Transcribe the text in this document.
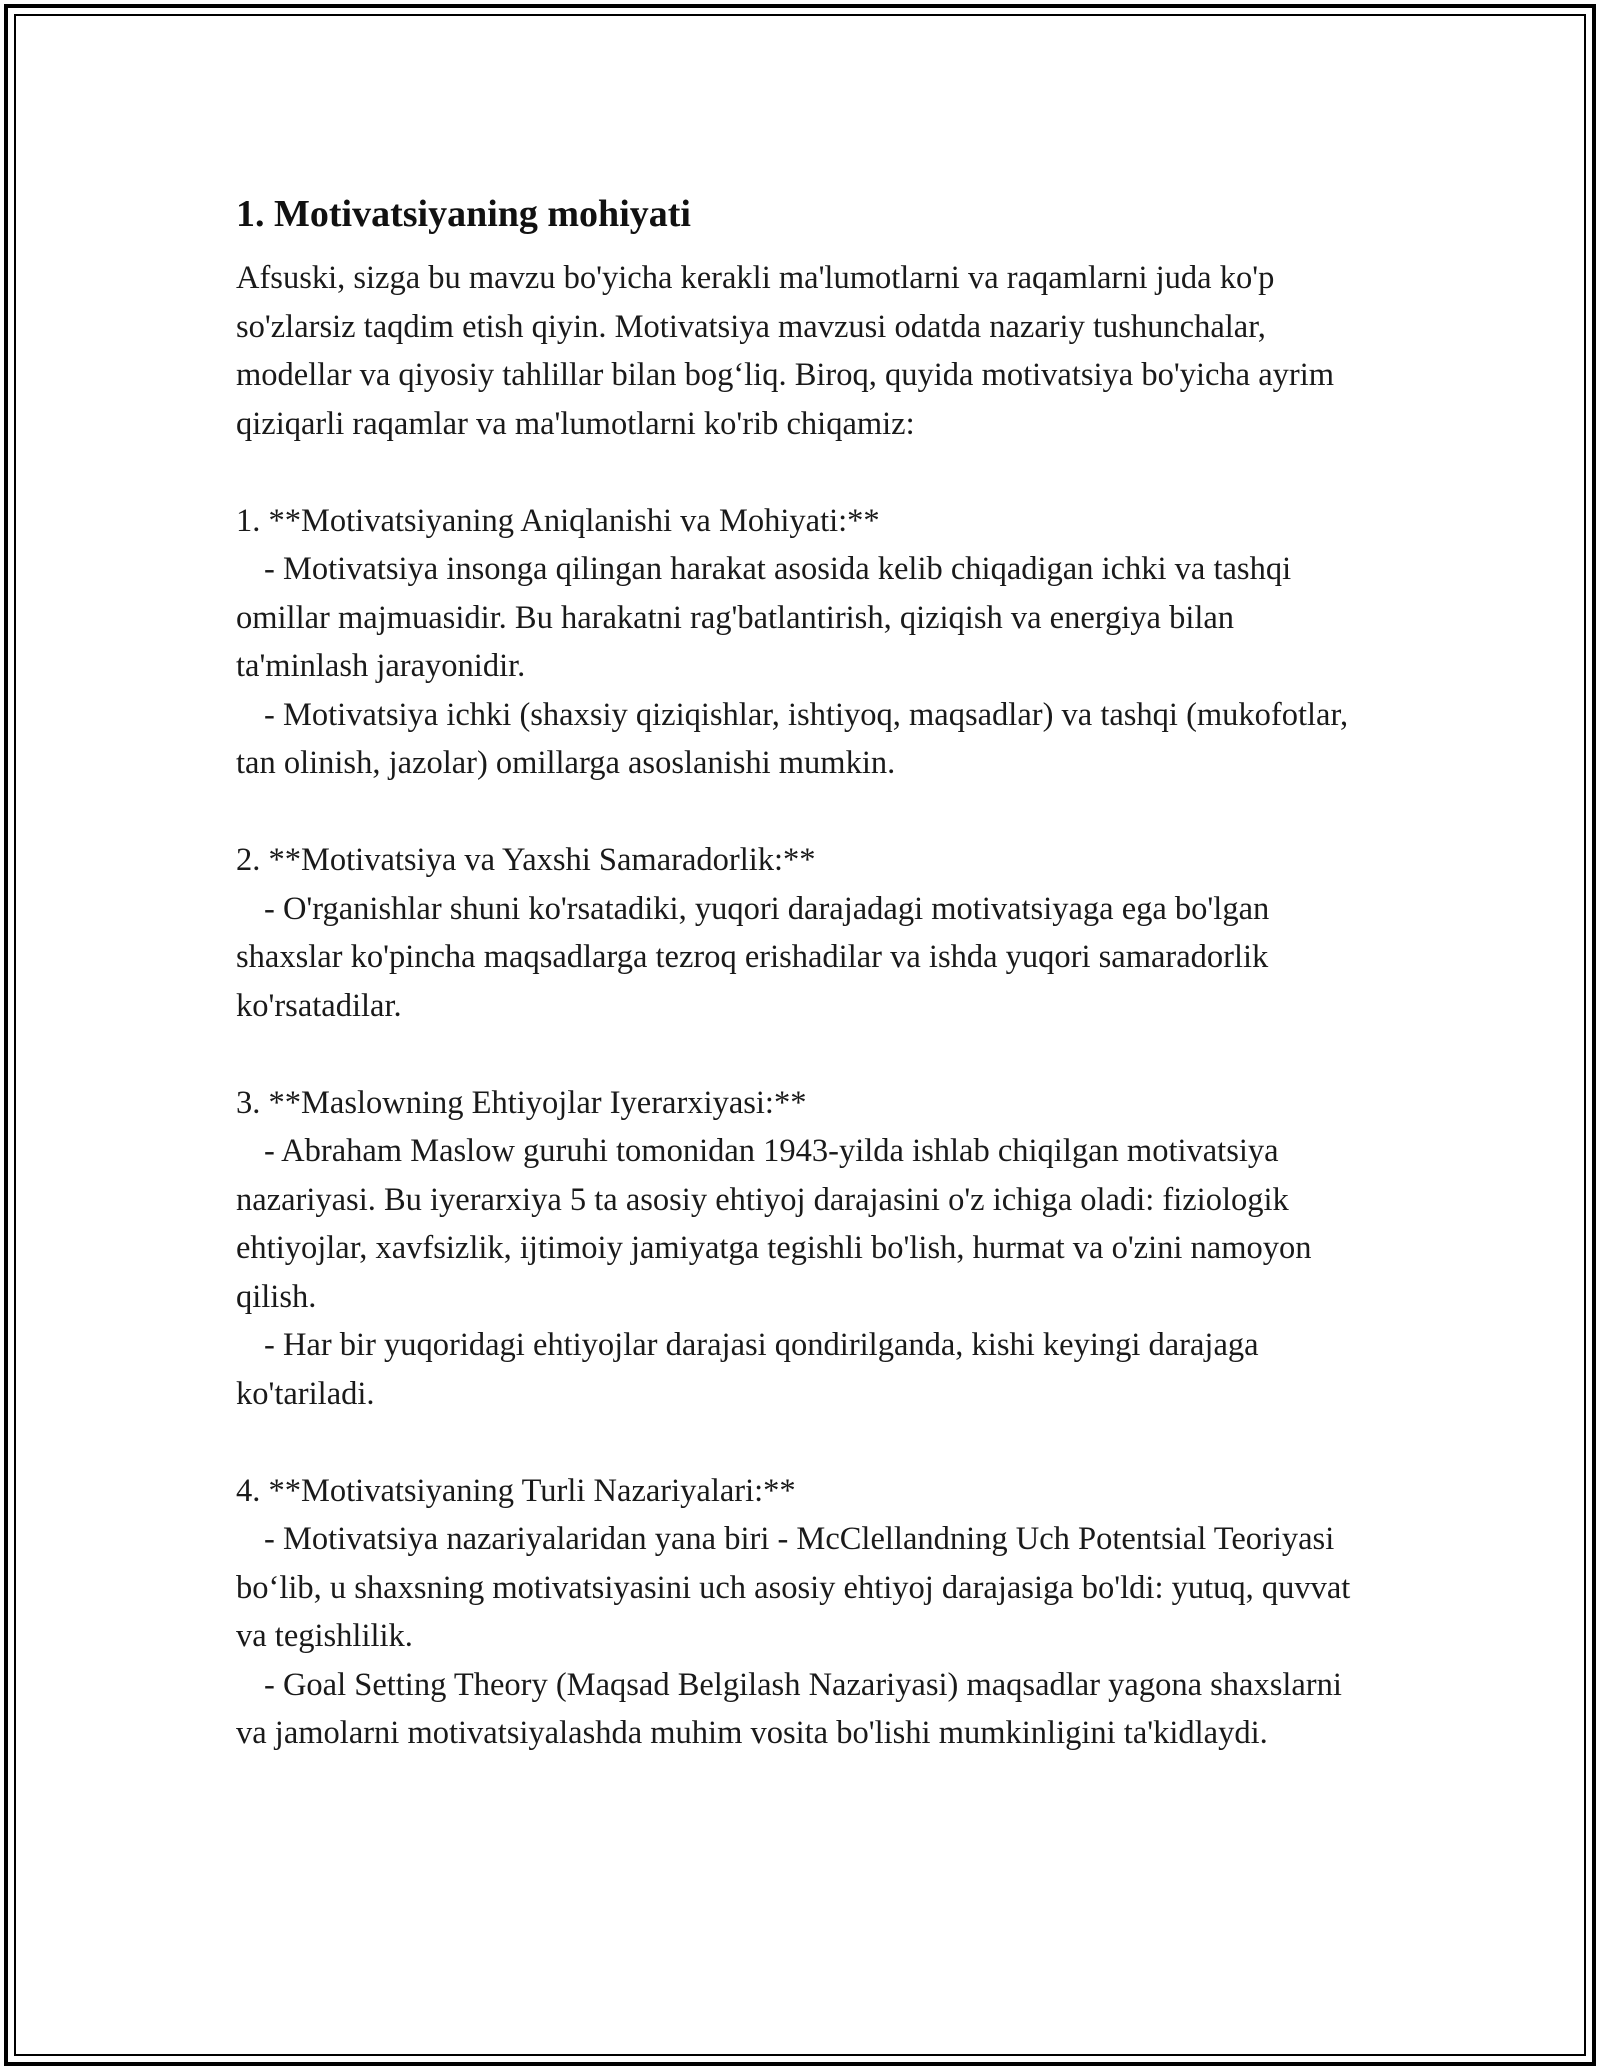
1. Motivatsiyaning mohiyati

Afsuski, sizga bu mavzu bo'yicha kerakli ma'lumotlarni va raqamlarni juda ko'p so'zlarsiz taqdim etish qiyin. Motivatsiya mavzusi odatda nazariy tushunchalar, modellar va qiyosiy tahlillar bilan bog‘liq. Biroq, quyida motivatsiya bo'yicha ayrim qiziqarli raqamlar va ma'lumotlarni ko'rib chiqamiz:

1. **Motivatsiyaning Aniqlanishi va Mohiyati:**

- Motivatsiya insonga qilingan harakat asosida kelib chiqadigan ichki va tashqi omillar majmuasidir. Bu harakatni rag'batlantirish, qiziqish va energiya bilan ta'minlash jarayonidir.

- Motivatsiya ichki (shaxsiy qiziqishlar, ishtiyoq, maqsadlar) va tashqi (mukofotlar, tan olinish, jazolar) omillarga asoslanishi mumkin.

2. **Motivatsiya va Yaxshi Samaradorlik:**

- O'rganishlar shuni ko'rsatadiki, yuqori darajadagi motivatsiyaga ega bo'lgan shaxslar ko'pincha maqsadlarga tezroq erishadilar va ishda yuqori samaradorlik ko'rsatadilar.

3. **Maslowning Ehtiyojlar Iyerarxiyasi:**

- Abraham Maslow guruhi tomonidan 1943-yilda ishlab chiqilgan motivatsiya nazariyasi. Bu iyerarxiya 5 ta asosiy ehtiyoj darajasini o'z ichiga oladi: fiziologik ehtiyojlar, xavfsizlik, ijtimoiy jamiyatga tegishli bo'lish, hurmat va o'zini namoyon qilish.

- Har bir yuqoridagi ehtiyojlar darajasi qondirilganda, kishi keyingi darajaga ko'tariladi.

4. **Motivatsiyaning Turli Nazariyalari:**

- Motivatsiya nazariyalaridan yana biri - McClellandning Uch Potentsial Teoriyasi bo‘lib, u shaxsning motivatsiyasini uch asosiy ehtiyoj darajasiga bo'ldi: yutuq, quvvat va tegishlilik.

- Goal Setting Theory (Maqsad Belgilash Nazariyasi) maqsadlar yagona shaxslarni va jamolarni motivatsiyalashda muhim vosita bo'lishi mumkinligini ta'kidlaydi.
